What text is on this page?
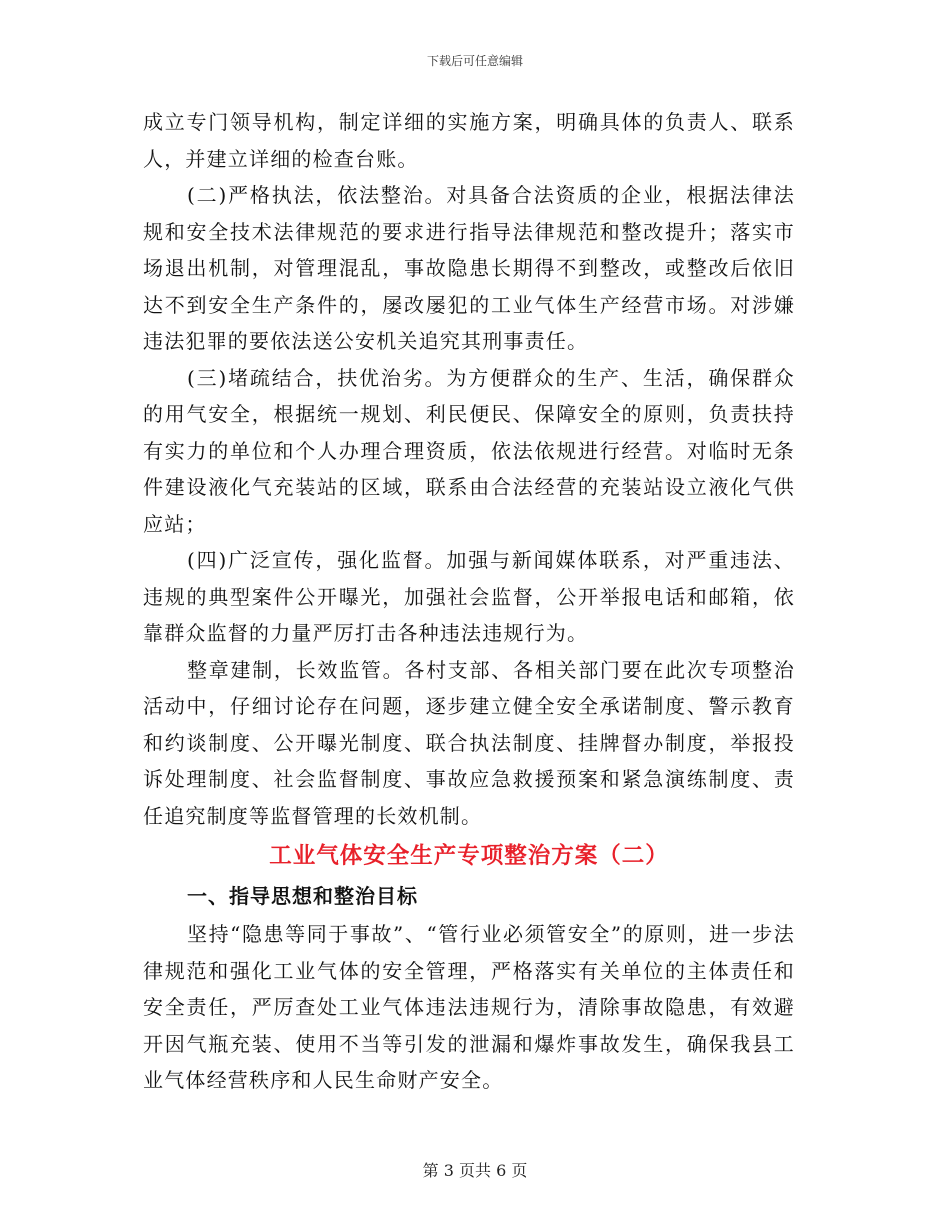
下载后可任意编辑

成立专门领导机构，制定详细的实施方案，明确具体的负责人、联系人，并建立详细的检查台账。

(二)严格执法，依法整治。对具备合法资质的企业，根据法律法规和安全技术法律规范的要求进行指导法律规范和整改提升；落实市场退出机制，对管理混乱，事故隐患长期得不到整改，或整改后依旧达不到安全生产条件的，屡改屡犯的工业气体生产经营市场。对涉嫌违法犯罪的要依法送公安机关追究其刑事责任。

(三)堵疏结合，扶优治劣。为方便群众的生产、生活，确保群众的用气安全，根据统一规划、利民便民、保障安全的原则，负责扶持有实力的单位和个人办理合理资质，依法依规进行经营。对临时无条件建设液化气充装站的区域，联系由合法经营的充装站设立液化气供应站；

(四)广泛宣传，强化监督。加强与新闻媒体联系，对严重违法、违规的典型案件公开曝光，加强社会监督，公开举报电话和邮箱，依靠群众监督的力量严厉打击各种违法违规行为。

整章建制，长效监管。各村支部、各相关部门要在此次专项整治活动中，仔细讨论存在问题，逐步建立健全安全承诺制度、警示教育和约谈制度、公开曝光制度、联合执法制度、挂牌督办制度，举报投诉处理制度、社会监督制度、事故应急救援预案和紧急演练制度、责任追究制度等监督管理的长效机制。

工业气体安全生产专项整治方案（二）
一、指导思想和整治目标

坚持“隐患等同于事故”、“管行业必须管安全”的原则，进一步法律规范和强化工业气体的安全管理，严格落实有关单位的主体责任和安全责任，严厉查处工业气体违法违规行为，清除事故隐患，有效避开因气瓶充装、使用不当等引发的泄漏和爆炸事故发生，确保我县工业气体经营秩序和人民生命财产安全。

第 3 页共 6 页
